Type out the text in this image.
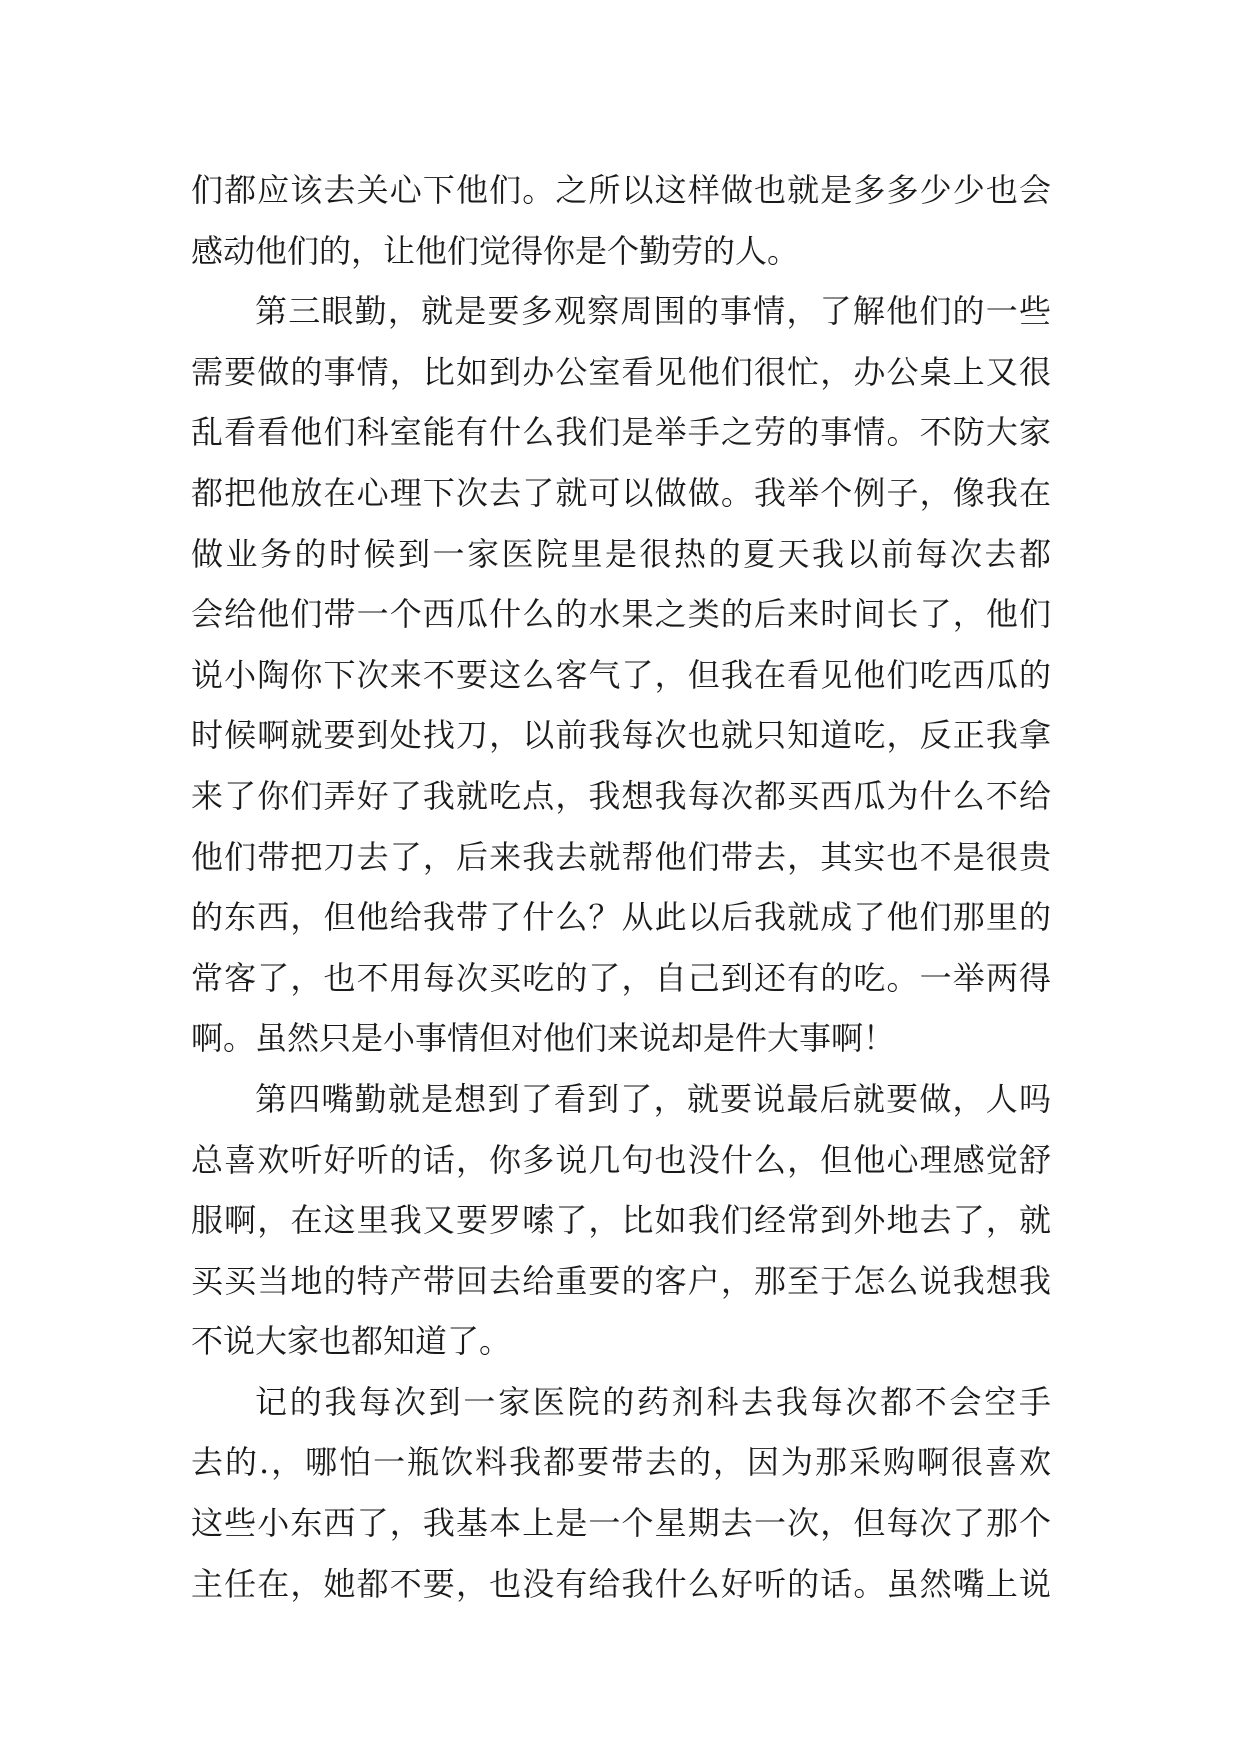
们都应该去关心下他们。之所以这样做也就是多多少少也会
感动他们的，让他们觉得你是个勤劳的人。
第三眼勤，就是要多观察周围的事情，了解他们的一些
需要做的事情，比如到办公室看见他们很忙，办公桌上又很
乱看看他们科室能有什么我们是举手之劳的事情。不防大家
都把他放在心理下次去了就可以做做。我举个例子，像我在
做业务的时候到一家医院里是很热的夏天我以前每次去都
会给他们带一个西瓜什么的水果之类的后来时间长了，他们
说小陶你下次来不要这么客气了，但我在看见他们吃西瓜的
时候啊就要到处找刀，以前我每次也就只知道吃，反正我拿
来了你们弄好了我就吃点，我想我每次都买西瓜为什么不给
他们带把刀去了，后来我去就帮他们带去，其实也不是很贵
的东西，但他给我带了什么？从此以后我就成了他们那里的
常客了，也不用每次买吃的了，自己到还有的吃。一举两得
啊。虽然只是小事情但对他们来说却是件大事啊！
第四嘴勤就是想到了看到了，就要说最后就要做，人吗
总喜欢听好听的话，你多说几句也没什么，但他心理感觉舒
服啊，在这里我又要罗嗦了，比如我们经常到外地去了，就
买买当地的特产带回去给重要的客户，那至于怎么说我想我
不说大家也都知道了。
记的我每次到一家医院的药剂科去我每次都不会空手
去的.，哪怕一瓶饮料我都要带去的，因为那采购啊很喜欢
这些小东西了，我基本上是一个星期去一次，但每次了那个
主任在，她都不要，也没有给我什么好听的话。虽然嘴上说
